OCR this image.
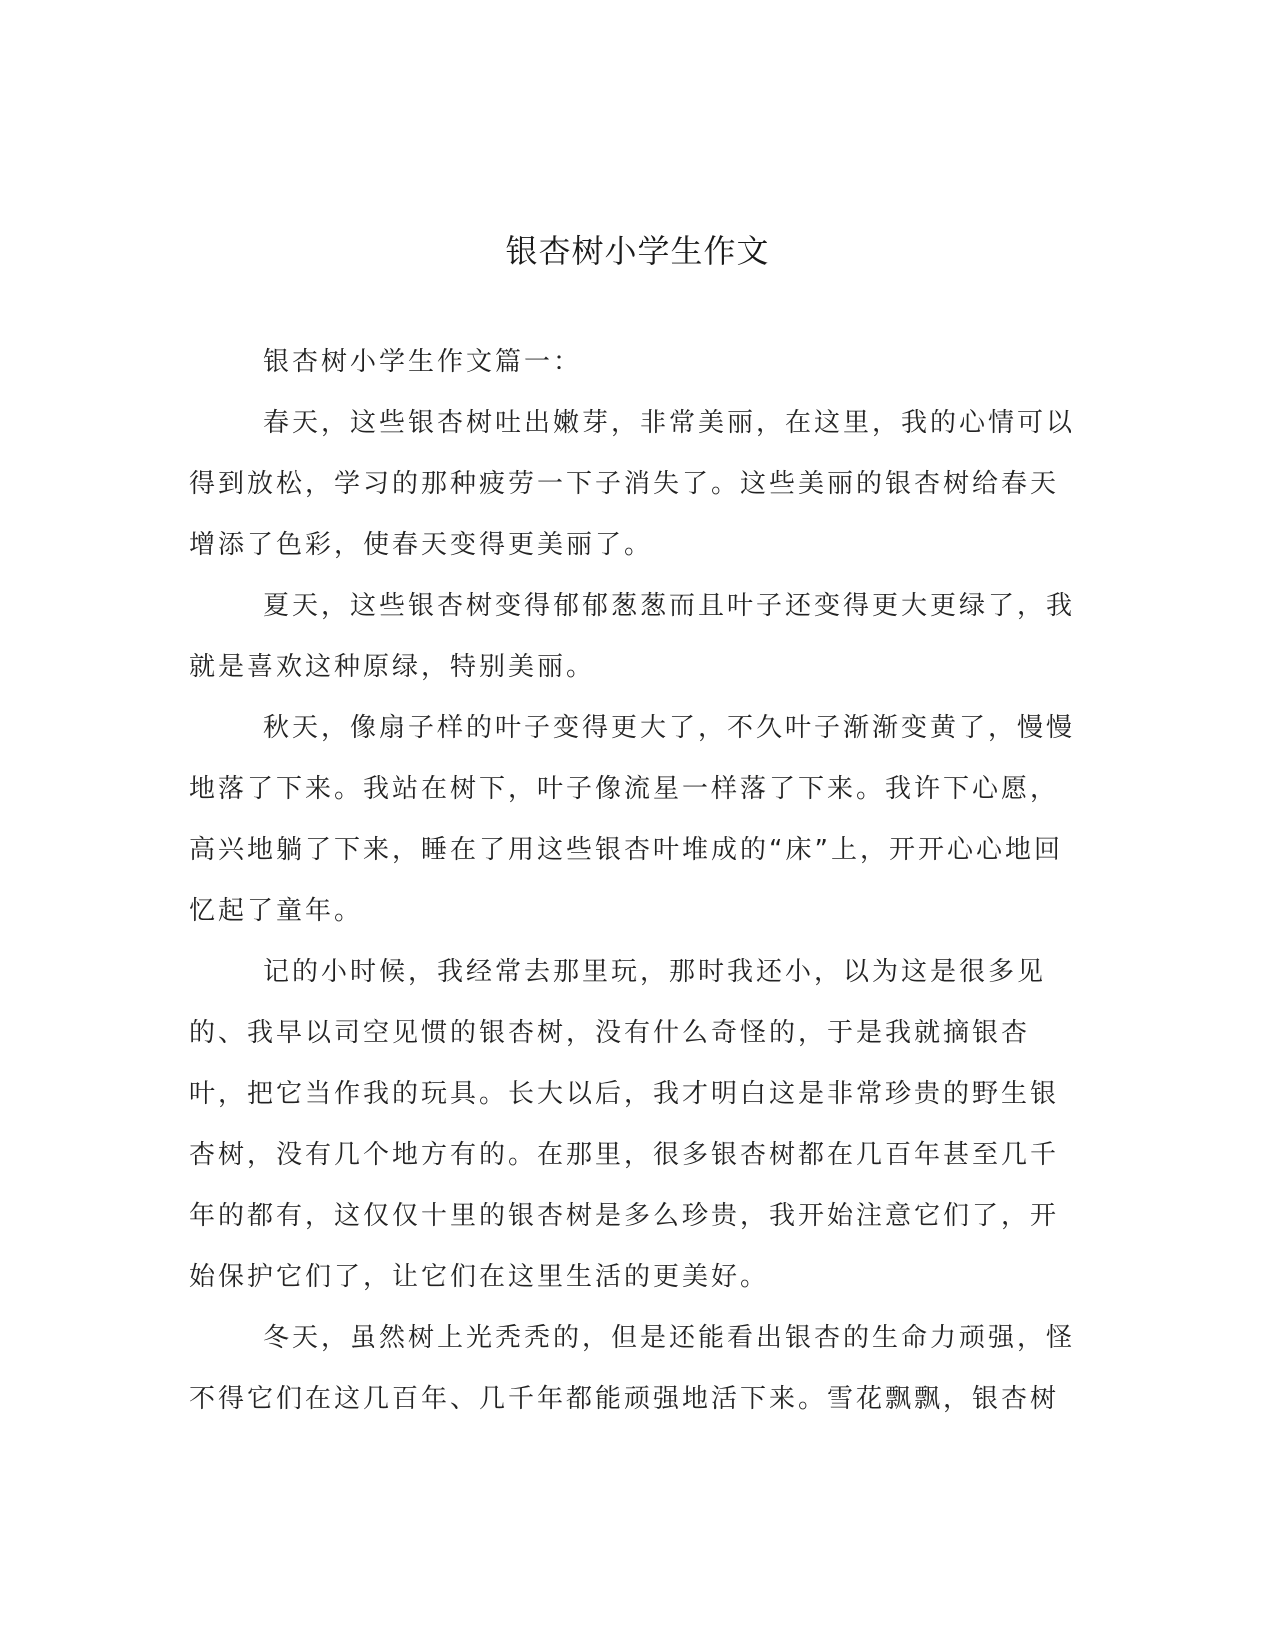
银杏树小学生作文

银杏树小学生作文篇一：

春天，这些银杏树吐出嫩芽，非常美丽，在这里，我的心情可以得到放松，学习的那种疲劳一下子消失了。这些美丽的银杏树给春天增添了色彩，使春天变得更美丽了。

夏天，这些银杏树变得郁郁葱葱而且叶子还变得更大更绿了，我就是喜欢这种原绿，特别美丽。

秋天，像扇子样的叶子变得更大了，不久叶子渐渐变黄了，慢慢地落了下来。我站在树下，叶子像流星一样落了下来。我许下心愿，高兴地躺了下来，睡在了用这些银杏叶堆成的“床”上，开开心心地回忆起了童年。

记的小时候，我经常去那里玩，那时我还小，以为这是很多见的、我早以司空见惯的银杏树，没有什么奇怪的，于是我就摘银杏叶，把它当作我的玩具。长大以后，我才明白这是非常珍贵的野生银杏树，没有几个地方有的。在那里，很多银杏树都在几百年甚至几千年的都有，这仅仅十里的银杏树是多么珍贵，我开始注意它们了，开始保护它们了，让它们在这里生活的更美好。

冬天，虽然树上光秃秃的，但是还能看出银杏的生命力顽强，怪不得它们在这几百年、几千年都能顽强地活下来。雪花飘飘，银杏树
